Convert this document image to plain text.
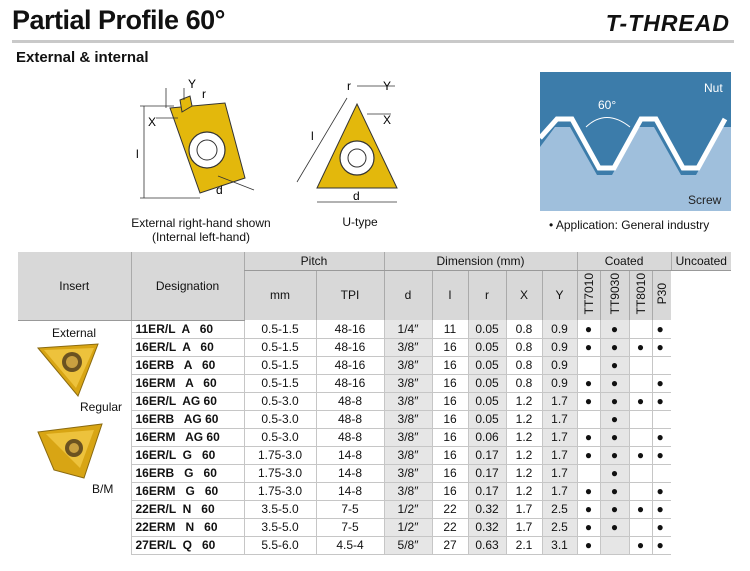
Partial Profile 60°	T-THREAD
External & internal
l
X
Y
r
d
External right-hand shown
(Internal left-hand)
l
Y
r
X
d
U-type
60°
Nut
Screw
• Application: General industry
Insert	Designation	Pitch		Dimension (mm)					Coated				Uncoated
		mm	TPI	d	l	r	X	Y	TT7010	TT9030	TT8010	P30	
	11ER/L  A   60	0.5-1.5	48-16	1/4″	11	0.05	0.8	0.9	●	●		●	
	16ER/L  A   60	0.5-1.5	48-16	3/8″	16	0.05	0.8	0.9	●	●	●	●	
	16ERB   A   60	0.5-1.5	48-16	3/8″	16	0.05	0.8	0.9		●			
	16ERM   A   60	0.5-1.5	48-16	3/8″	16	0.05	0.8	0.9	●	●		●	
	16ER/L  AG 60	0.5-3.0	48-8	3/8″	16	0.05	1.2	1.7	●	●	●	●	
	16ERB   AG 60	0.5-3.0	48-8	3/8″	16	0.05	1.2	1.7		●			
	16ERM   AG 60	0.5-3.0	48-8	3/8″	16	0.06	1.2	1.7	●	●		●	
	16ER/L  G   60	1.75-3.0	14-8	3/8″	16	0.17	1.2	1.7	●	●	●	●	
	16ERB   G   60	1.75-3.0	14-8	3/8″	16	0.17	1.2	1.7		●			
	16ERM   G   60	1.75-3.0	14-8	3/8″	16	0.17	1.2	1.7	●	●		●	
	22ER/L  N   60	3.5-5.0	7-5	1/2″	22	0.32	1.7	2.5	●	●	●	●	
	22ERM   N   60	3.5-5.0	7-5	1/2″	22	0.32	1.7	2.5	●	●		●	
	27ER/L  Q   60	5.5-6.0	4.5-4	5/8″	27	0.63	2.1	3.1	●		●	●	
External
Regular
B/M
